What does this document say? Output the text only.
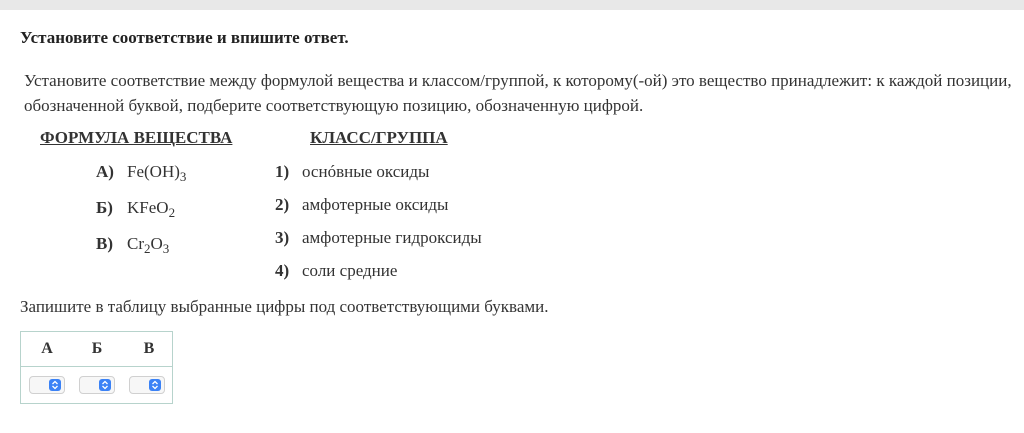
Установите соответствие и впишите ответ.
Установите соответствие между формулой вещества и классом/группой, к которому(-ой) это вещество принадлежит: к каждой позиции, обозначенной буквой, подберите соответствующую позицию, обозначенную цифрой.
ФОРМУЛА ВЕЩЕСТВА	КЛАСС/ГРУППА
А) $Fe(OH)_3$
Б) KFeO$_2$
В) $Cr_2O_3$
1) оснóвные оксиды
2) амфотерные оксиды
3) амфотерные гидроксиды
4) соли средние
Запишите в таблицу выбранные цифры под соответствующими буквами.
А	Б	В
